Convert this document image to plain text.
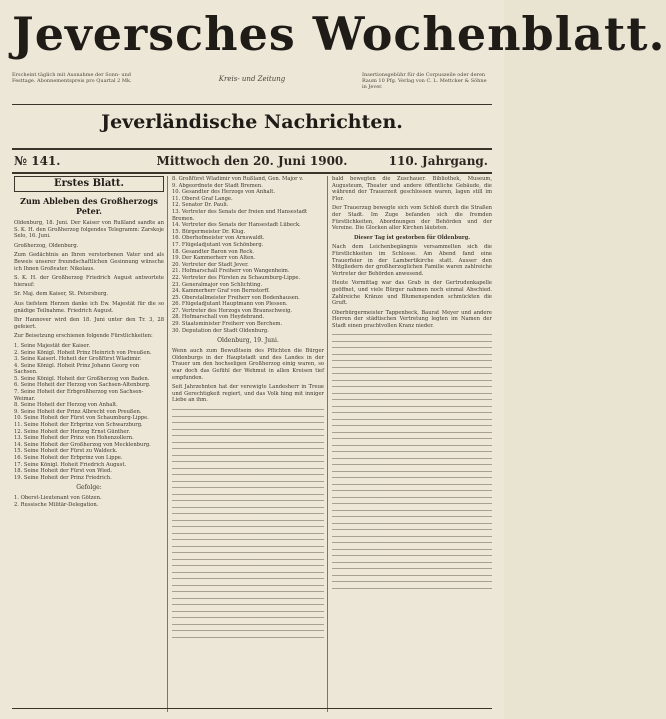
Jeversches Wochenblatt.
Erscheint täglich mit Ausnahme der Sonn- und Festtage. Abonnementspreis pro Quartal 2 Mk.	Kreis- und Zeitung	Insertionsgebühr für die Corpuszeile oder deren Raum 10 Pfg. Verlag von C. L. Mettcker & Söhne in Jever.
Jeverländische Nachrichten.
№ 141.	Mittwoch den 20. Juni 1900.	110. Jahrgang.
Erstes Blatt.
Zum Ableben des Großherzogs Peter.

Oldenburg, 18. Juni. Der Kaiser von Rußland sandte an S. K. H. den Großherzog folgendes Telegramm: Zarskoje Selo, 16. Juni.

Großherzog, Oldenburg.

Zum Gedächtnis an Ihren verstorbenen Vater und als Beweis unserer freundschaftlichen Gesinnung wünsche ich Ihnen Großvater. Nikolaus.

S. K. H. der Großherzog Friedrich August antwortete hierauf:

Sr. Maj. dem Kaiser, St. Petersburg.

Aus tiefstem Herzen danke ich Ew. Majestät für die so gnädige Teilnahme. Friedrich August.

Ihr Hannover wird den 18. Juni unter den Tr. 3, 28 gefeiert.

Zur Beisetzung erschienen folgende Fürstlichkeiten:

1. Seine Majestät der Kaiser.

2. Seine Königl. Hoheit Prinz Heinrich von Preußen.

3. Seine Kaiserl. Hoheit der Großfürst Wladimir.

4. Seine Königl. Hoheit Prinz Johann Georg von Sachsen.

5. Seine Königl. Hoheit der Großherzog von Baden.

6. Seine Hoheit der Herzog von Sachsen-Altenburg.

7. Seine Hoheit der Erbgroßherzog von Sachsen-Weimar.

8. Seine Hoheit der Herzog von Anhalt.

9. Seine Hoheit der Prinz Albrecht von Preußen.

10. Seine Hoheit der Fürst von Schaumburg-Lippe.

11. Seine Hoheit der Erbprinz von Schwarzburg.

12. Seine Hoheit der Herzog Ernst Günther.

13. Seine Hoheit der Prinz von Hohenzollern.

14. Seine Hoheit der Großherzog von Mecklenburg.

15. Seine Hoheit der Fürst zu Waldeck.

16. Seine Hoheit der Erbprinz von Lippe.

17. Seine Königl. Hoheit Friedrich August.

18. Seine Hoheit der Fürst von Wied.

19. Seine Hoheit der Prinz Friedrich.

Gefolge:

1. Oberst-Lieutenant von Götzen.

2. Russische Militär-Delegation.

8. Großfürst Wladimir von Rußland, Gen. Major v.

9. Abgeordnete der Stadt Bremen.

10. Gesandter des Herzogs von Anhalt.

11. Oberst Graf Lange.

12. Senator Dr. Pauli.

13. Vertreter des Senats der freien und Hansestadt Bremen.

14. Vertreter des Senats der Hansestadt Lübeck.

15. Bürgermeister Dr. Klug.

16. Oberhofmeister von Arnswaldt.

17. Flügeladjutant von Schönberg.

18. Gesandter Baron von Reck.

19. Der Kammerherr von Alten.

20. Vertreter der Stadt Jever.

21. Hofmarschall Freiherr von Wangenheim.

22. Vertreter des Fürsten zu Schaumburg-Lippe.

23. Generalmajor von Schlichting.

24. Kammerherr Graf von Bernstorff.

25. Oberstallmeister Freiherr von Bodenhausen.

26. Flügeladjutant Hauptmann von Plessen.

27. Vertreter des Herzogs von Braunschweig.

28. Hofmarschall von Heydebrand.

29. Staatsminister Freiherr von Berchem.

30. Deputation der Stadt Oldenburg.

Oldenburg, 19. Juni.

Wenn auch zum Bewußtsein des Pflichten die Bürger Oldenburgs in der Hauptstadt und des Landes in der Trauer um den hochseligen Großherzog einig waren, so war doch das Gefühl der Wehmut in allen Kreisen tief empfunden.

Seit Jahrzehnten hat der verewigte Landesherr in Treue und Gerechtigkeit regiert, und das Volk hing mit inniger Liebe an ihm.

bald bewegten die Zuschauer. Bibliothek, Museum, Augusteum, Theater und andere öffentliche Gebäude, die während der Trauerzeit geschlossen waren, lagen still im Flor.

Der Trauerzug bewegte sich vom Schloß durch die Straßen der Stadt. Im Zuge befanden sich die fremden Fürstlichkeiten, Abordnungen der Behörden und der Vereine. Die Glocken aller Kirchen läuteten.

Dieser Tag ist gestorben für Oldenburg.

Nach dem Leichenbegängnis versammelten sich die Fürstlichkeiten im Schlosse. Am Abend fand eine Trauerfeier in der Lambertikirche statt. Ausser den Mitgliedern der großherzoglichen Familie waren zahlreiche Vertreter der Behörden anwesend.

Heute Vormittag war das Grab in der Gertrudenkapelle geöffnet, und viele Bürger nahmen noch einmal Abschied. Zahlreiche Kränze und Blumenspenden schmückten die Gruft.

Oberbürgermeister Tappenbeck, Baurat Meyer und andere Herren der städtischen Vertretung legten im Namen der Stadt einen prachtvollen Kranz nieder.
